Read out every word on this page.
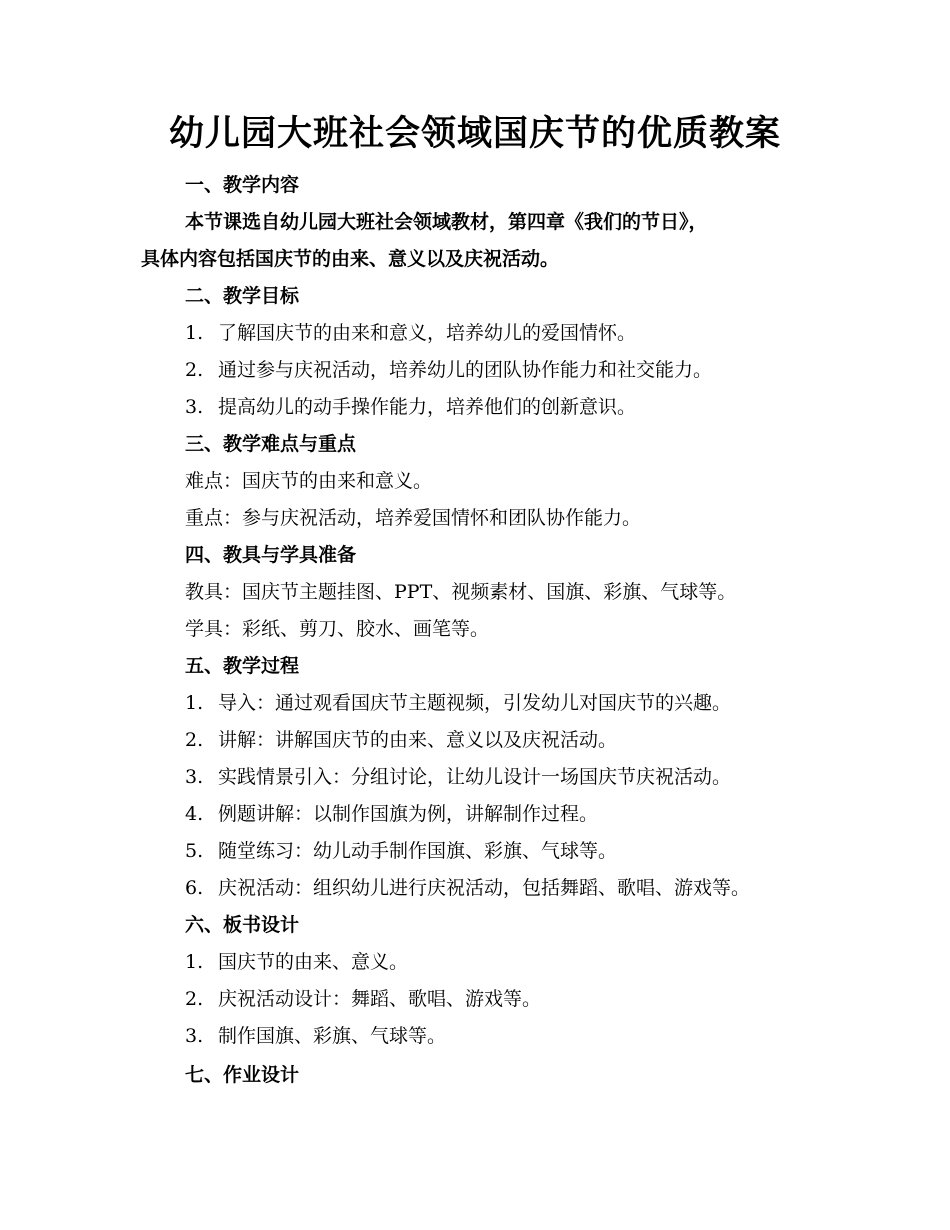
幼儿园大班社会领域国庆节的优质教案
一、教学内容
本节课选自幼儿园大班社会领域教材，第四章《我们的节日》，
具体内容包括国庆节的由来、意义以及庆祝活动。
二、教学目标
1. 了解国庆节的由来和意义，培养幼儿的爱国情怀。
2. 通过参与庆祝活动，培养幼儿的团队协作能力和社交能力。
3. 提高幼儿的动手操作能力，培养他们的创新意识。
三、教学难点与重点
难点：国庆节的由来和意义。
重点：参与庆祝活动，培养爱国情怀和团队协作能力。
四、教具与学具准备
教具：国庆节主题挂图、PPT、视频素材、国旗、彩旗、气球等。
学具：彩纸、剪刀、胶水、画笔等。
五、教学过程
1. 导入：通过观看国庆节主题视频，引发幼儿对国庆节的兴趣。
2. 讲解：讲解国庆节的由来、意义以及庆祝活动。
3. 实践情景引入：分组讨论，让幼儿设计一场国庆节庆祝活动。
4. 例题讲解：以制作国旗为例，讲解制作过程。
5. 随堂练习：幼儿动手制作国旗、彩旗、气球等。
6. 庆祝活动：组织幼儿进行庆祝活动，包括舞蹈、歌唱、游戏等。
六、板书设计
1. 国庆节的由来、意义。
2. 庆祝活动设计：舞蹈、歌唱、游戏等。
3. 制作国旗、彩旗、气球等。
七、作业设计
